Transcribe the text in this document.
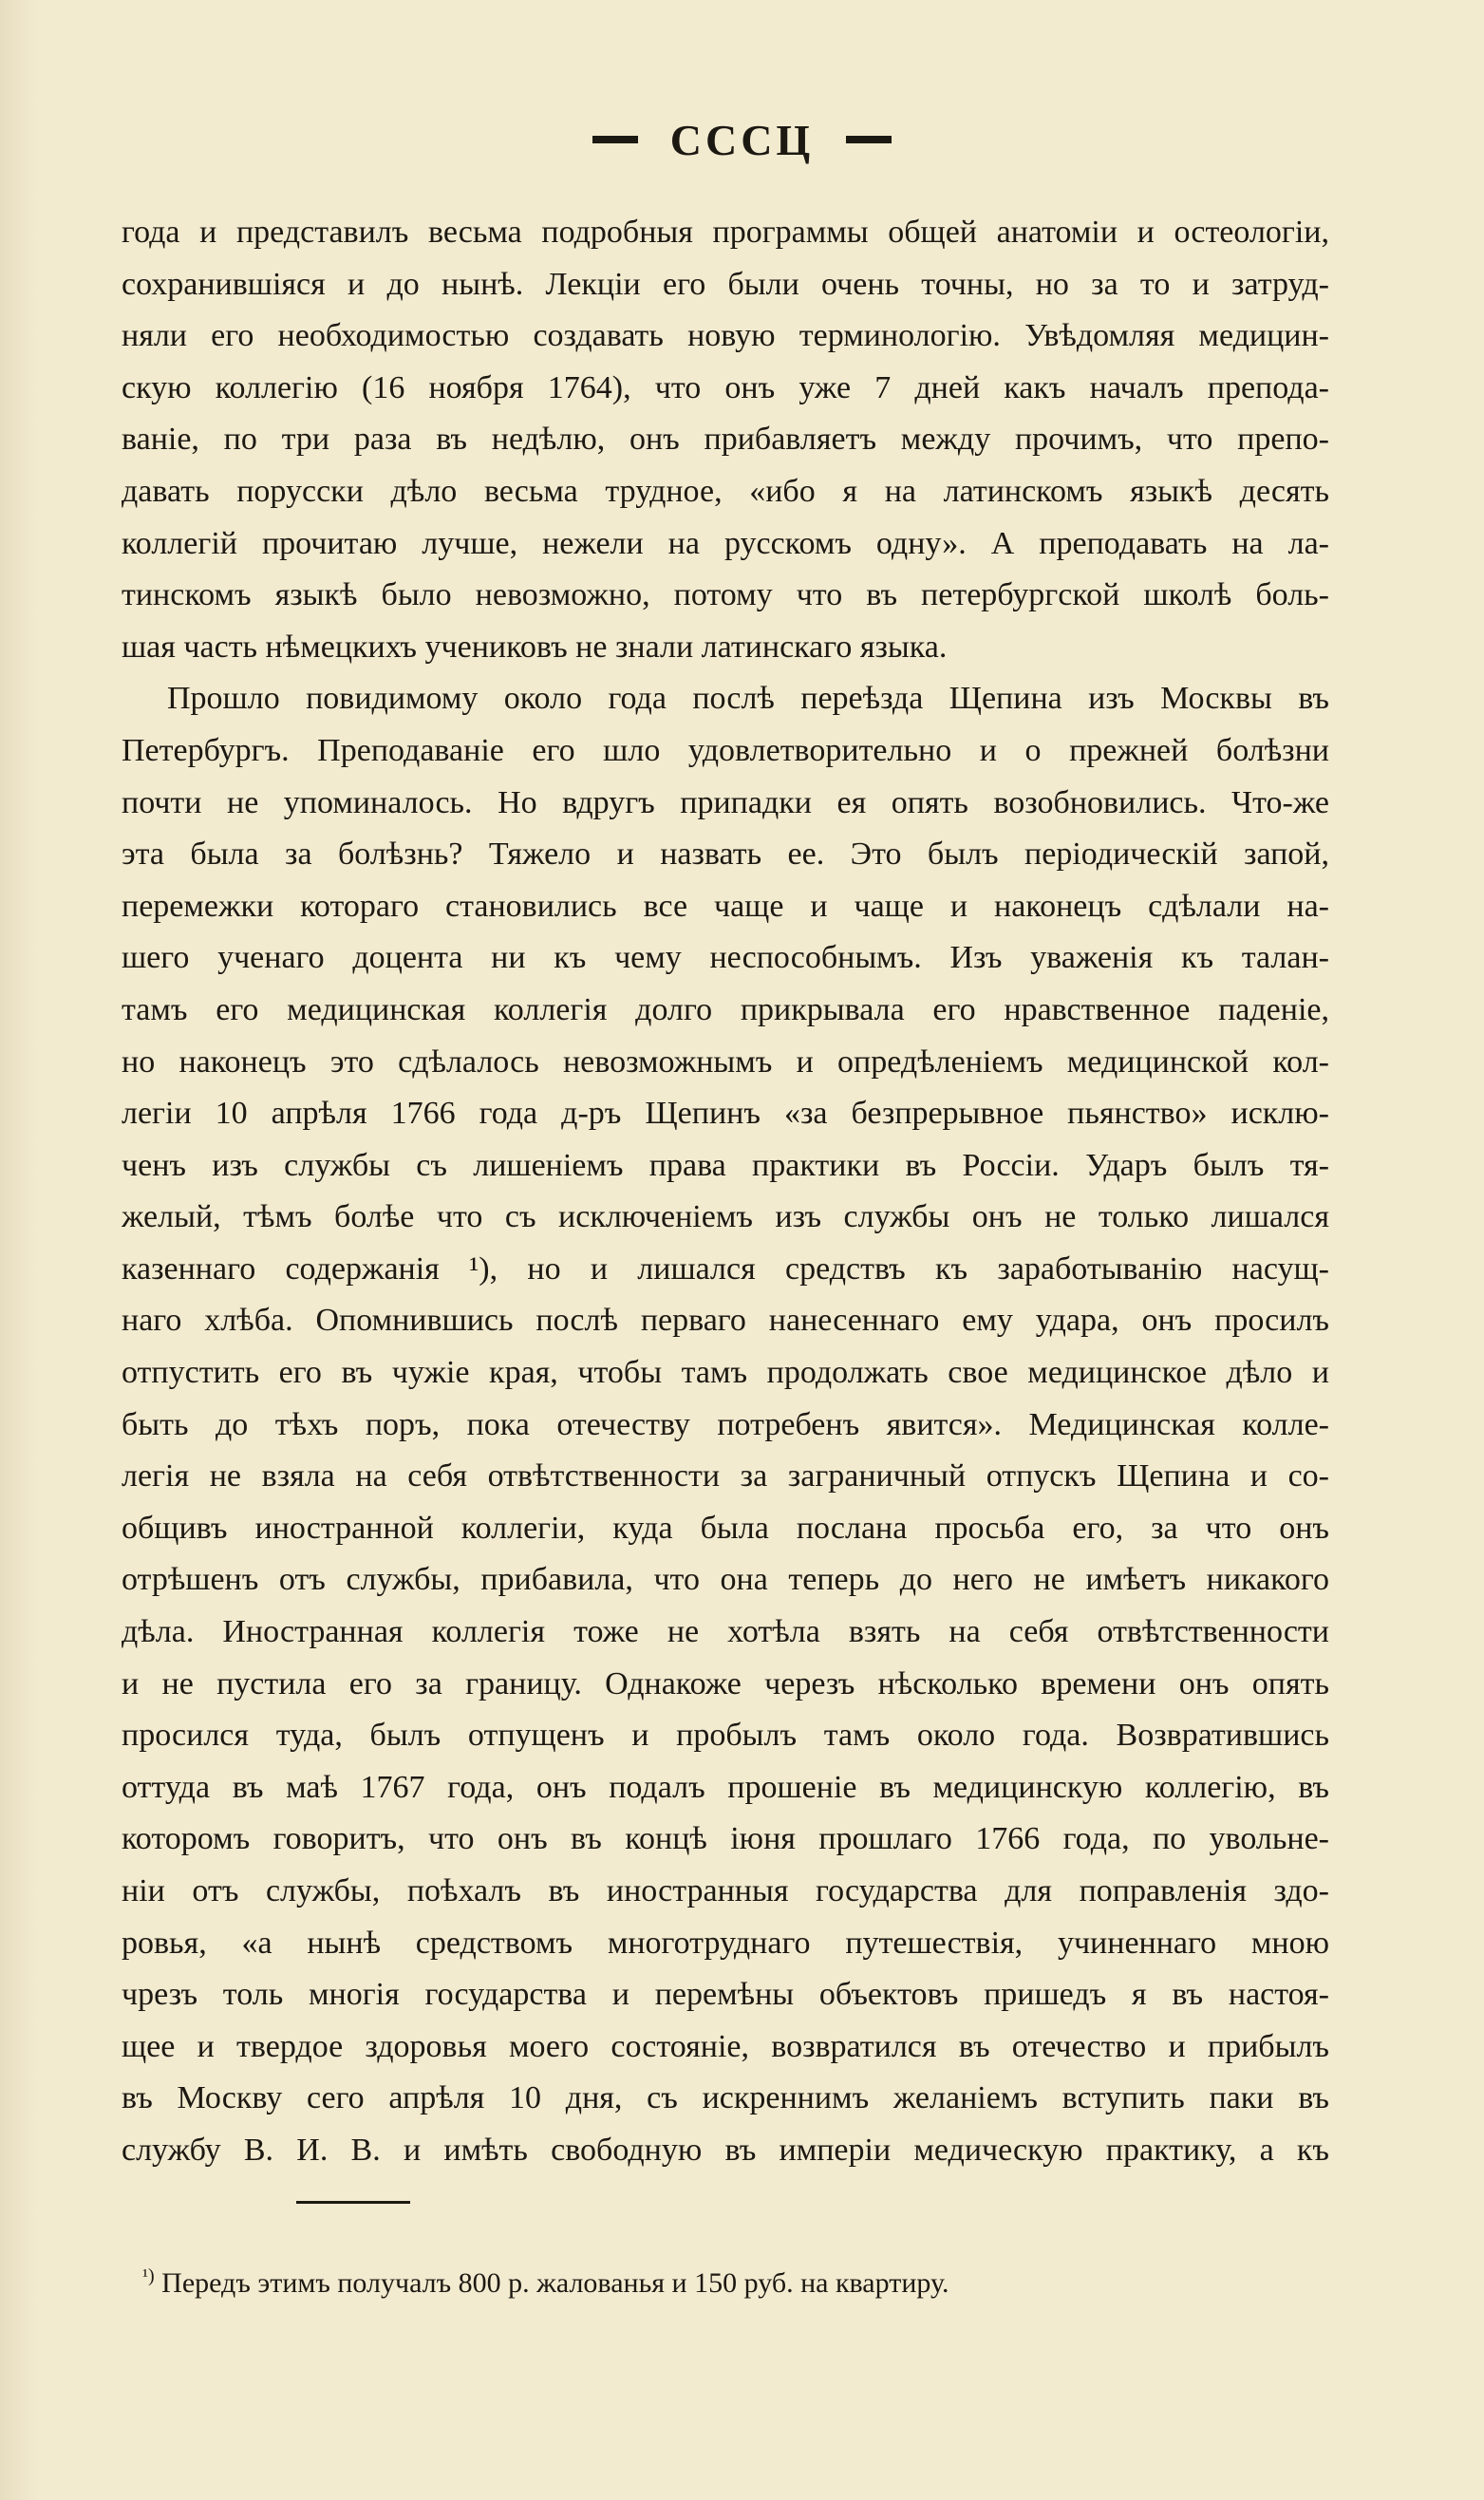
СССЦ
года и представилъ весьма подробныя программы общей анатоміи и остеологіи,
сохранившіяся и до нынѣ. Лекціи его были очень точны, но за то и затруд-
няли его необходимостью создавать новую терминологію. Увѣдомляя медицин-
скую коллегію (16 ноября 1764), что онъ уже 7 дней какъ началъ препода-
ваніе, по три раза въ недѣлю, онъ прибавляетъ между прочимъ, что препо-
давать порусски дѣло весьма трудное, «ибо я на латинскомъ языкѣ десять
коллегій прочитаю лучше, нежели на русскомъ одну». А преподавать на ла-
тинскомъ языкѣ было невозможно, потому что въ петербургской школѣ боль-
шая часть нѣмецкихъ учениковъ не знали латинскаго языка.
Прошло повидимому около года послѣ переѣзда Щепина изъ Москвы въ
Петербургъ. Преподаваніе его шло удовлетворительно и о прежней болѣзни
почти не упоминалось. Но вдругъ припадки ея опять возобновились. Что-же
эта была за болѣзнь? Тяжело и назвать ее. Это былъ періодическій запой,
перемежки котораго становились все чаще и чаще и наконецъ сдѣлали на-
шего ученаго доцента ни къ чему неспособнымъ. Изъ уваженія къ талан-
тамъ его медицинская коллегія долго прикрывала его нравственное паденіе,
но наконецъ это сдѣлалось невозможнымъ и опредѣленіемъ медицинской кол-
легіи 10 апрѣля 1766 года д-ръ Щепинъ «за безпрерывное пьянство» исклю-
ченъ изъ службы съ лишеніемъ права практики въ Россіи. Ударъ былъ тя-
желый, тѣмъ болѣе что съ исключеніемъ изъ службы онъ не только лишался
казеннаго содержанія ¹), но и лишался средствъ къ заработыванію насущ-
наго хлѣба. Опомнившись послѣ перваго нанесеннаго ему удара, онъ просилъ
отпустить его въ чужіе края, чтобы тамъ продолжать свое медицинское дѣло и
быть до тѣхъ поръ, пока отечеству потребенъ явится». Медицинская колле-
легія не взяла на себя отвѣтственности за заграничный отпускъ Щепина и со-
общивъ иностранной коллегіи, куда была послана просьба его, за что онъ
отрѣшенъ отъ службы, прибавила, что она теперь до него не имѣетъ никакого
дѣла. Иностранная коллегія тоже не хотѣла взять на себя отвѣтственности
и не пустила его за границу. Однакоже черезъ нѣсколько времени онъ опять
просился туда, былъ отпущенъ и пробылъ тамъ около года. Возвратившись
оттуда въ маѣ 1767 года, онъ подалъ прошеніе въ медицинскую коллегію, въ
которомъ говоритъ, что онъ въ концѣ іюня прошлаго 1766 года, по увольне-
ніи отъ службы, поѣхалъ въ иностранныя государства для поправленія здо-
ровья, «а нынѣ средствомъ многотруднаго путешествія, учиненнаго мною
чрезъ толь многія государства и перемѣны объектовъ пришедъ я въ настоя-
щее и твердое здоровья моего состояніе, возвратился въ отечество и прибылъ
въ Москву сего апрѣля 10 дня, съ искреннимъ желаніемъ вступить паки въ
службу В. И. В. и имѣть свободную въ имперіи медическую практику, а къ
$^{^1)}$ Передъ этимъ получалъ 800 р. жалованья и 150 руб. на квартиру.
